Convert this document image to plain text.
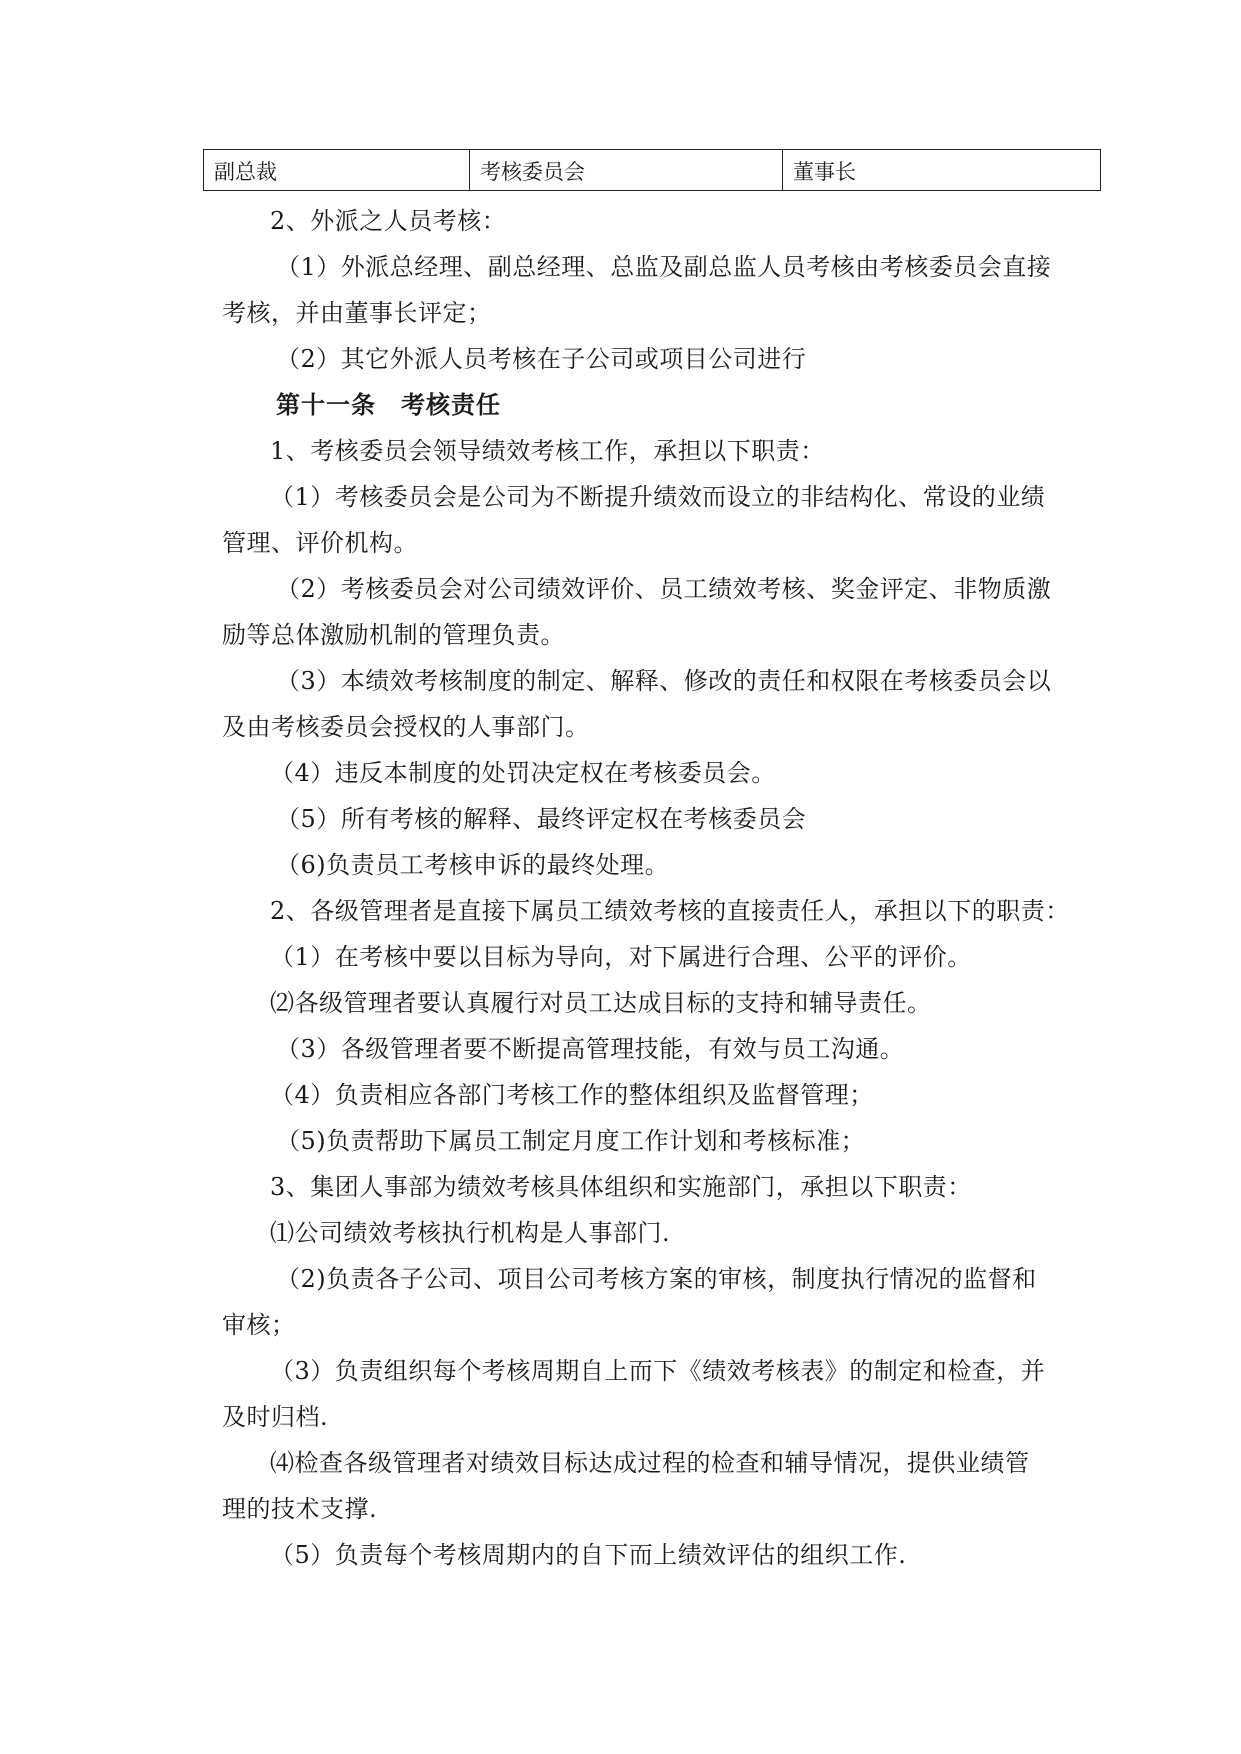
副总裁	考核委员会	董事长
2、外派之人员考核：
（1）外派总经理、副总经理、总监及副总监人员考核由考核委员会直接
考核，并由董事长评定；
（2）其它外派人员考核在子公司或项目公司进行
第十一条　考核责任
1、考核委员会领导绩效考核工作，承担以下职责：
（1）考核委员会是公司为不断提升绩效而设立的非结构化、常设的业绩
管理、评价机构。
（2）考核委员会对公司绩效评价、员工绩效考核、奖金评定、非物质激
励等总体激励机制的管理负责。
（3）本绩效考核制度的制定、解释、修改的责任和权限在考核委员会以
及由考核委员会授权的人事部门。
（4）违反本制度的处罚决定权在考核委员会。
（5）所有考核的解释、最终评定权在考核委员会
（6)负责员工考核申诉的最终处理。
2、各级管理者是直接下属员工绩效考核的直接责任人，承担以下的职责：
（1）在考核中要以目标为导向，对下属进行合理、公平的评价。
⑵各级管理者要认真履行对员工达成目标的支持和辅导责任。
（3）各级管理者要不断提高管理技能，有效与员工沟通。
（4）负责相应各部门考核工作的整体组织及监督管理；
（5)负责帮助下属员工制定月度工作计划和考核标准；
3、集团人事部为绩效考核具体组织和实施部门，承担以下职责：
⑴公司绩效考核执行机构是人事部门.
（2)负责各子公司、项目公司考核方案的审核，制度执行情况的监督和
审核；
（3）负责组织每个考核周期自上而下《绩效考核表》的制定和检查，并
及时归档.
⑷检查各级管理者对绩效目标达成过程的检查和辅导情况，提供业绩管
理的技术支撑.
（5）负责每个考核周期内的自下而上绩效评估的组织工作.
